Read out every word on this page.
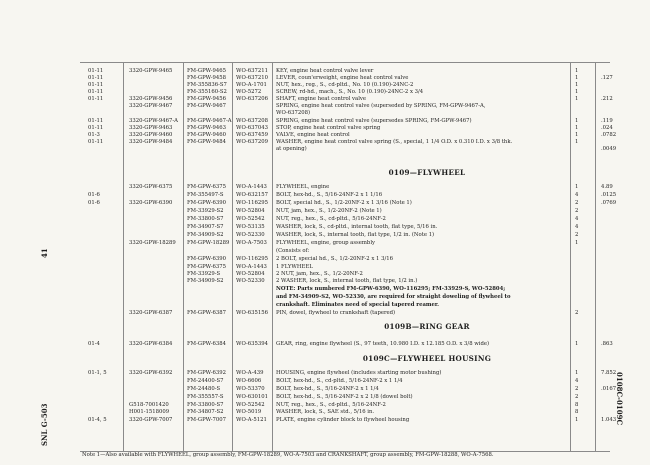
41
SNL G-503	0108C-0109C
0109—FLYWHEEL
0109B—RING GEAR
0109C—FLYWHEEL HOUSING
01-11	3320-GPW-9465	FM-GPW-9465 WO-637211 KEY, engine heat control valve lever	1
01-11	FM-GPW-9458 WO-637210 LEVER, coun'erweight, engine heat control valve	1	.127
01-11	FM-355836-S7 WO-A-1701 NUT, hex., reg., S., cd-pltd., No. 10 (0.190)-24NC-2	1
01-11	FM-355160-S2 WO-5272	SCREW, rd-hd., mach., S., No. 10 (0.190)-24NC-2 x 3/4	1
01-11	3320-GPW-9456	FM-GPW-9456 WO-637206 SHAFT, engine heat control valve	1	.212
3320-GPW-9467	FM-GPW-9467	SPRING, engine heat control valve (superseded by SPRING, FM-GPW-9467-A,
WO-637208)
01-11	3320-GPW-9467-A FM-GPW-9467-A WO-637208 SPRING, engine heat control valve (supersedes SPRING, FM-GPW-9467)	1	.119
01-11	3320-GPW-9463	FM-GPW-9463 WO-637043 STOP, engine heat control valve spring	1	.024
01-3	3320-GPW-9460	FM-GPW-9460 WO-637459 VALVE, engine heat control	1	.0782
01-11	3320-GPW-9484	FM-GPW-9484 WO-637209 WASHER, engine heat control valve spring (S., special, 1 1/4 O.D. x 0.310 I.D. x 3/8 thk.	1
at opening)	.0049
3320-GPW-6375	FM-GPW-6375 WO-A-1443 FLYWHEEL, engine	1	4.89
01-6	FM-355497-S WO-632157 BOLT, hex-hd., S., 5/16-24NF-2 x 1 1/16	4	.0125
01-6	3320-GPW-6390	FM-GPW-6390 WO-116295 BOLT, special hd., S., 1/2-20NF-2 x 1 3/16 (Note 1)	2	.0769
FM-33929-S2 WO-52804 NUT, jam, hex., S., 1/2-20NF-2 (Note 1)	2
FM-33800-S7 WO-52542 NUT, reg., hex., S., cd-pltd., 5/16-24NF-2	4
FM-34907-S7 WO-53135 WASHER, lock, S., cd-pltd., internal tooth, flat type, 5/16 in.	4
FM-34909-S2 WO-52330 WASHER, lock, S., internal tooth, flat type, 1/2 in. (Note 1)	2
3320-GPW-18289 FM-GPW-18289 WO-A-7503 FLYWHEEL, engine, group assembly	1
(Consists of:
FM-GPW-6390 WO-116295 2 BOLT, special hd., S., 1/2-20NF-2 x 1 3/16
FM-GPW-6375 WO-A-1443 1 FLYWHEEL
FM-33929-S	WO-52804 2 NUT, jam, hex., S., 1/2-20NF-2
FM-34909-S2 WO-52330 2 WASHER, lock, S., internal tooth, flat type, 1/2 in.)
NOTE: Parts numbered FM-GPW-6390, WO-116295; FM-33929-S, WO-52804;
and FM-34909-S2, WO-52330, are required for straight doweling of flywheel to
crankshaft. Eliminates need of special tapered reamer.
3320-GPW-6387	FM-GPW-6387 WO-635156 PIN, dowel, flywheel to crankshaft (tapered)	2
01-4	3320-GPW-6384	FM-GPW-6384 WO-635394 GEAR, ring, engine flywheel (S., 97 teeth, 10.980 I.D. x 12.185 O.D. x 3/8 wide)	1	.863
01-1, 5	3320-GPW-6392	FM-GPW-6392 WO-A-439 HOUSING, engine flywheel (includes starting motor bushing)	1	7.852
FM-24400-S7 WO-6606	BOLT, hex-hd., S., cd-pltd., 5/16-24NF-2 x 1 1/4	4
FM-24480-S	WO-53370 BOLT, hex-hd., S., 5/16-24NF-2 x 1 1/4	2	.0167
FM-355557-S WO-630101 BOLT, hex-hd., S., 5/16-24NF-2 x 2 1/8 (dowel bolt)	2
G518-7001420	FM-33800-S7 WO-52542 NUT, reg., hex., S., cd-pltd., 5/16-24NF-2	8
H001-1518009	FM-34807-S2 WO-5019	WASHER, lock, S., SAE std., 5/16 in.	8
01-4, 5	3320-GPW-7007	FM-GPW-7007 WO-A-5121 PLATE, engine cylinder block to flywheel housing	1	1.043
Note 1—Also available with FLYWHEEL, group assembly, FM-GPW-18289, WO-A-7503 and CRANKSHAFT, group assembly, FM-GPW-18288, WO-A-7568.
